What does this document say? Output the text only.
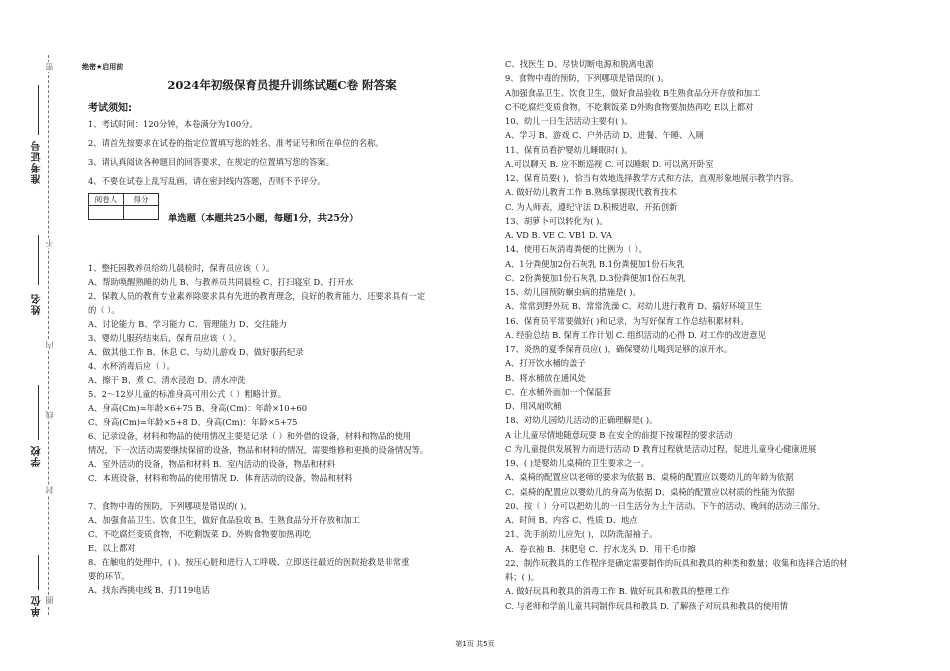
准考证号
姓名
学校
单位
密
不
内
线
封
圈
绝密★启用前
2024年初级保育员提升训练试题C卷 附答案
考试须知:
1、考试时间：120分钟，本卷满分为100分。
2、请首先按要求在试卷的指定位置填写您的姓名、准考证号和所在单位的名称。
3、请认真阅读各种题目的回答要求，在规定的位置填写您的答案。
4、不要在试卷上乱写乱画，请在密封线内答题，否则不予评分。
阅卷人	得分

单选题（本题共25小题，每题1分，共25分）
1、整托园教养员给幼儿晨检时，保育员应该（ ）。
A、帮助唤醒熟睡的幼儿 B、与教养员共同晨检 C、打扫寝室 D、打开水
2、保教人员的教育专业素养除要求具有先进的教育理念，良好的教育能力，还要求具有一定
的（ ）。
A、讨论能力 B、学习能力 C、管理能力 D、交往能力
3、婴幼儿服药结束后，保育员应该（ ）。
A、做其他工作 B、休息 C、与幼儿游戏 D、做好服药纪录
4、水杯消毒后应（ ）。
A、擦干 B、煮 C、清水浸泡 D、清水冲洗
5、2～12岁儿童的标准身高可用公式（ ）粗略计算。
A、身高(Cm)=年龄×6+75 B、身高(Cm)：年龄×10+60
C、身高(Cm)=年龄×5+8 D、身高(Cm)：年龄×5+75
6、记录设备，材料和物品的使用情况主要是记录（ ）和外借的设备，材料和物品的使用
情况，下一次活动需要继续保留的设备，物品和材料的情况，需要维修和更换的设备情况等。
A．室外活动的设备，物品和材料 B．室内活动的设备，物品和材料
C．本班设备，材料和物品的使用情况 D．体育活动的设备，物品和材料
7、食物中毒的预防，下列哪项是错误的( )。
A、加强食品卫生、饮食卫生，做好食品验收 B、生熟食品分开存放和加工
C、不吃腐烂变质食物，不吃剩饭菜 D、外购食物要加热再吃
E、以上都对
8、在触电的处理中，( )、按压心脏和进行人工呼吸、立即送往最近的医院抢救是非常重
要的环节。
A、找东西挑电线 B、打119电话
C、找医生 D、尽快切断电源和脱离电源
9、食物中毒的预防，下列哪项是错误的( )。
A加强食品卫生、饮食卫生，做好食品验收 B生熟食品分开存放和加工
C不吃腐烂变质食物，不吃剩饭菜 D外购食物要加热再吃 E以上都对
10、幼儿一日生活活动主要有( )。
A、学习 B、游戏 C、户外活动 D、进餐、午睡、入厕
11、保育员看护婴幼儿睡眠时( )。
A.可以聊天 B. 应不断巡视 C. 可以睡眠 D. 可以离开卧室
12、保育员要( )，恰当有效地选择教学方式和方法，直观形象地展示教学内容。
A. 做好幼儿教育工作 B.熟练掌握现代教育技术
C. 为人师表，遵纪守法 D.积极进取，开拓创新
13、胡萝卜可以转化为( )。
A. VD B. VE C. VB1 D. VA
14、使用石灰消毒粪便的比例为（ ）。
A、1分粪便加2份石灰乳 B.1份粪便加1份石灰乳
C、2份粪便加1份石灰乳 D.3份粪便加1份石灰乳
15、幼儿园预防蛔虫病的措施是( )。
A、常常到野外玩 B、常常洗澡 C、对幼儿进行教育 D、搞好环境卫生
16、保育员平常要做好( )和记录，为写好保育工作总结积累材料。
A. 经验总结 B. 保育工作计划 C. 组织活动的心得 D. 对工作的改进意见
17、炎热的夏季保育员应( )，确保婴幼儿喝到足够的凉开水。
A、打开饮水桶的盖子
B、将水桶放在通风处
C、在水桶外面加一个保温套
D、用风扇吹桶
18、对幼儿园幼儿活动的正确理解是( )。
A 让儿童尽情地随意玩耍 B 在安全的前提下按课程的要求活动
C 为儿童提供发展智力而进行活动 D 教育过程就是活动过程，促进儿童身心健康进展
19、( )是婴幼儿桌椅的卫生要求之一。
A、桌椅的配置应以老师的要求为依据 B、桌椅的配置应以婴幼儿的年龄为依据
C、桌椅的配置应以婴幼儿的身高为依据 D、桌椅的配置应以材质的性能为依据
20、按（ ）分可以把幼儿的一日生活分为上午活动、下午的活动、晚间的活动三部分。
A、时间 B、内容 C、性质 D、地点
21、洗手前幼儿应先( )，以防洗湿袖子。
A．卷衣袖 B．抹肥皂 C．拧水龙头 D．用干毛巾擦
22、制作玩教具的工作程序是确定需要制作的玩具和教具的种类和数量；收集和选择合适的材
料；( )。
A. 做好玩具和教具的消毒工作 B. 做好玩具和教具的整理工作
C. 与老师和学前儿童共同制作玩具和教具 D. 了解孩子对玩具和教具的使用情
第1页 共5页
